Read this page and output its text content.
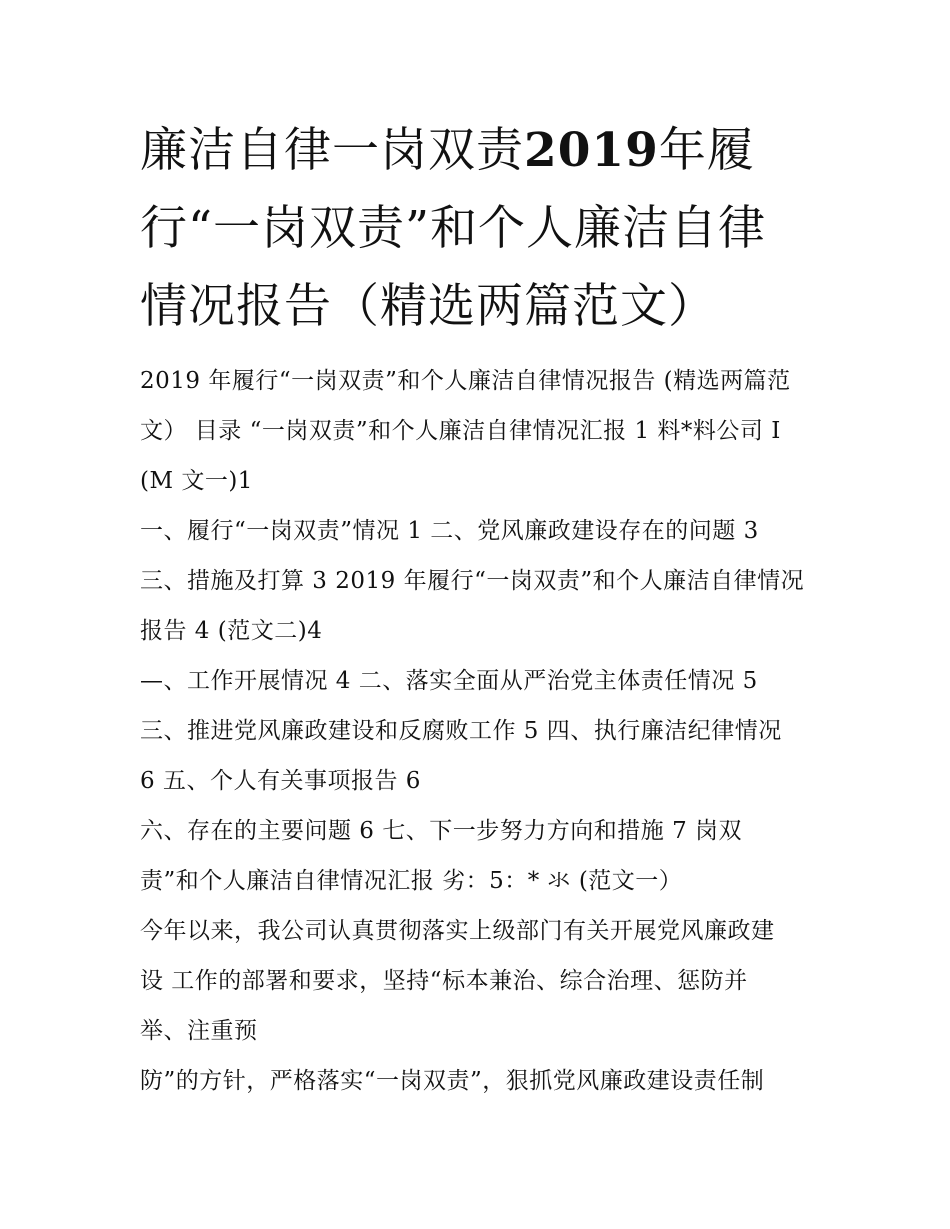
廉洁自律一岗双责2019年履
行“一岗双责”和个人廉洁自律
情况报告（精选两篇范文）
2019 年履行“一岗双责”和个人廉洁自律情况报告 (精选两篇范
文） 目录 “一岗双责”和个人廉洁自律情况汇报 1 料*料公司 I
(M 文一)1
一、履行“一岗双责”情况 1 二、党风廉政建设存在的问题 3
三、措施及打算 3 2019 年履行“一岗双责”和个人廉洁自律情况
报告 4 (范文二)4
—、工作开展情况 4 二、落实全面从严治党主体责任情况 5
三、推进党风廉政建设和反腐败工作 5 四、执行廉洁纪律情况
6 五、个人有关事项报告 6
六、存在的主要问题 6 七、下一步努力方向和措施 7 岗双
责”和个人廉洁自律情况汇报 劣：5：* 氺 (范文一）
今年以来，我公司认真贯彻落实上级部门有关开展党风廉政建
设 工作的部署和要求，坚持“标本兼治、综合治理、惩防并
举、注重预
防”的方针，严格落实“一岗双责”，狠抓党风廉政建设责任制
